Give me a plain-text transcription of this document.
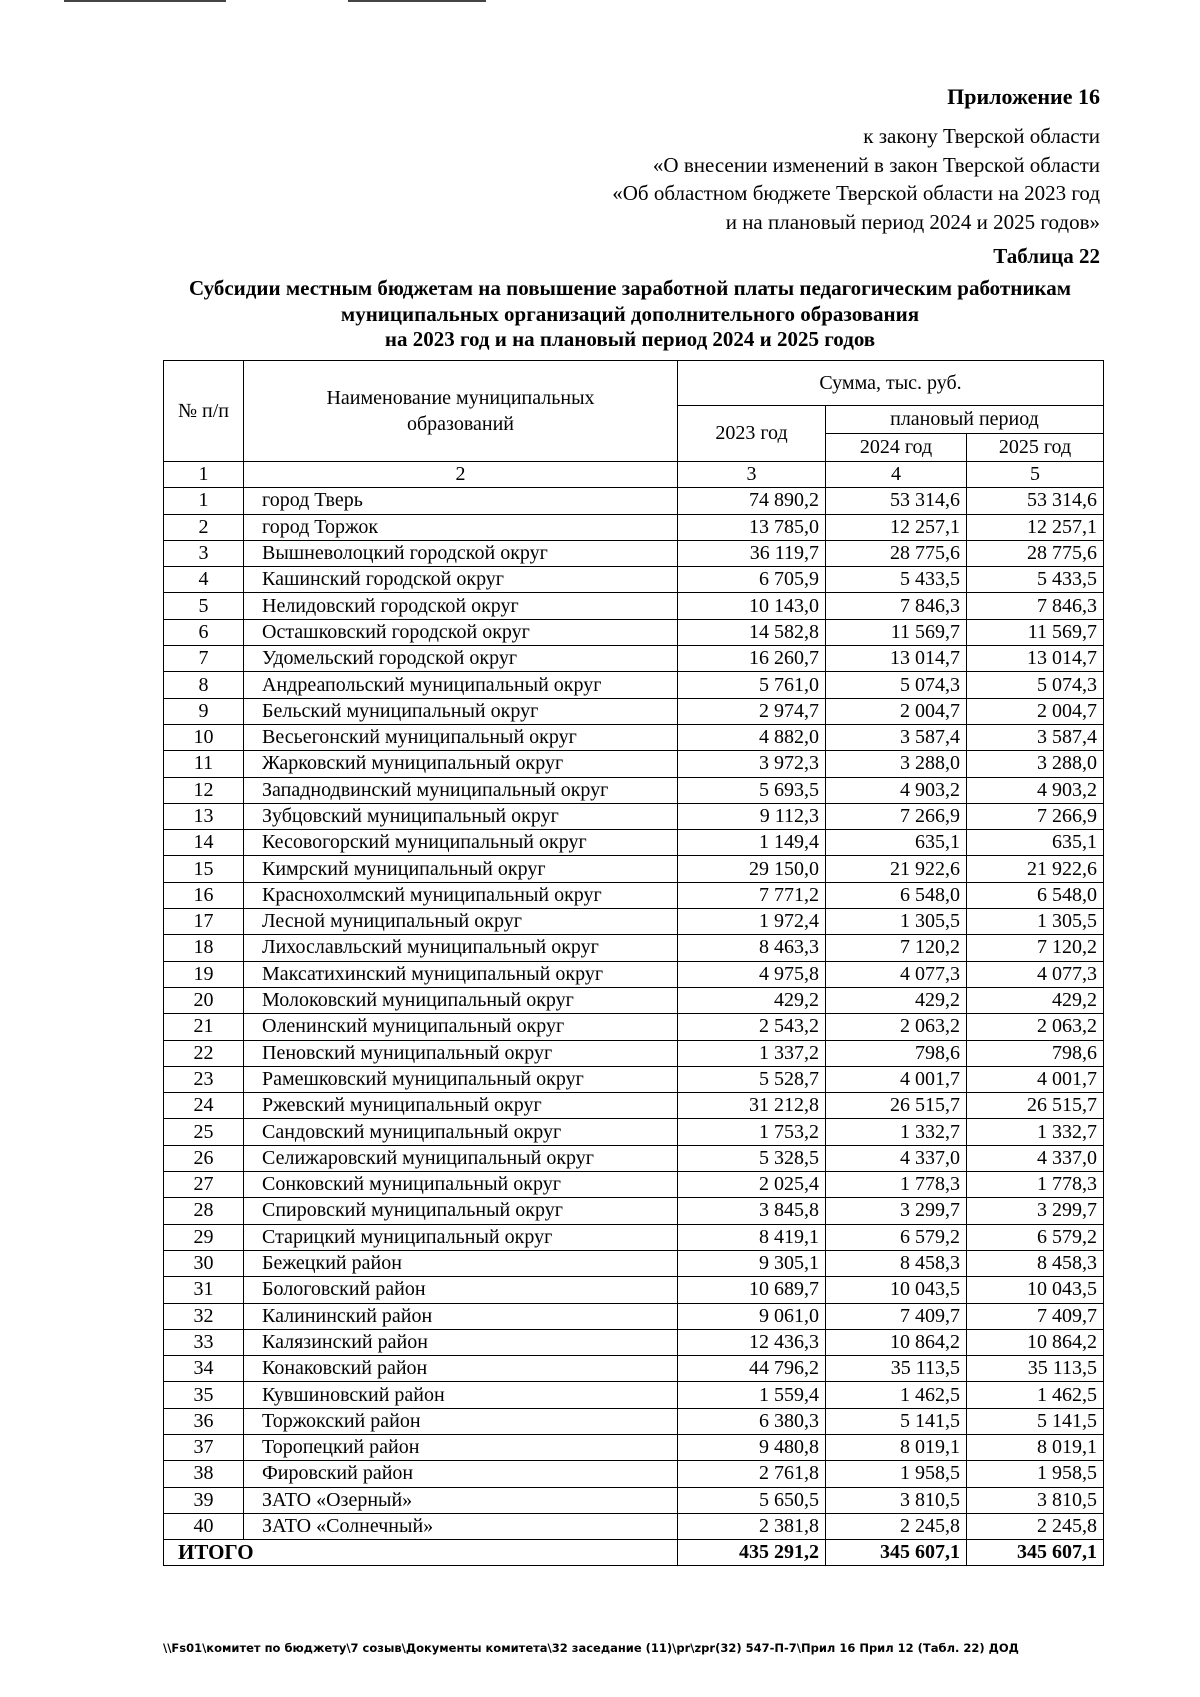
Приложение 16
к закону Тверской области
«О внесении изменений в закон Тверской области
«Об областном бюджете Тверской области на 2023 год
и на плановый период 2024 и 2025 годов»
Таблица 22
Субсидии местным бюджетам на повышение заработной платы педагогическим работникам
муниципальных организаций дополнительного образования
на 2023 год и на плановый период 2024 и 2025 годов
№ п/п	Наименование муниципальных образований	Сумма, тыс. руб.		
		2023 год	плановый период	
			2024 год	2025 год
1	2	3	4	5
1	город Тверь	74 890,2	53 314,6	53 314,6
2	город Торжок	13 785,0	12 257,1	12 257,1
3	Вышневолоцкий городской округ	36 119,7	28 775,6	28 775,6
4	Кашинский городской округ	6 705,9	5 433,5	5 433,5
5	Нелидовский городской округ	10 143,0	7 846,3	7 846,3
6	Осташковский городской округ	14 582,8	11 569,7	11 569,7
7	Удомельский городской округ	16 260,7	13 014,7	13 014,7
8	Андреапольский муниципальный округ	5 761,0	5 074,3	5 074,3
9	Бельский муниципальный округ	2 974,7	2 004,7	2 004,7
10	Весьегонский муниципальный округ	4 882,0	3 587,4	3 587,4
11	Жарковский муниципальный округ	3 972,3	3 288,0	3 288,0
12	Западнодвинский муниципальный округ	5 693,5	4 903,2	4 903,2
13	Зубцовский муниципальный округ	9 112,3	7 266,9	7 266,9
14	Кесовогорский муниципальный округ	1 149,4	635,1	635,1
15	Кимрский муниципальный округ	29 150,0	21 922,6	21 922,6
16	Краснохолмский муниципальный округ	7 771,2	6 548,0	6 548,0
17	Лесной муниципальный округ	1 972,4	1 305,5	1 305,5
18	Лихославльский муниципальный округ	8 463,3	7 120,2	7 120,2
19	Максатихинский муниципальный округ	4 975,8	4 077,3	4 077,3
20	Молоковский муниципальный округ	429,2	429,2	429,2
21	Оленинский муниципальный округ	2 543,2	2 063,2	2 063,2
22	Пеновский муниципальный округ	1 337,2	798,6	798,6
23	Рамешковский муниципальный округ	5 528,7	4 001,7	4 001,7
24	Ржевский муниципальный округ	31 212,8	26 515,7	26 515,7
25	Сандовский муниципальный округ	1 753,2	1 332,7	1 332,7
26	Селижаровский муниципальный округ	5 328,5	4 337,0	4 337,0
27	Сонковский муниципальный округ	2 025,4	1 778,3	1 778,3
28	Спировский муниципальный округ	3 845,8	3 299,7	3 299,7
29	Старицкий муниципальный округ	8 419,1	6 579,2	6 579,2
30	Бежецкий район	9 305,1	8 458,3	8 458,3
31	Бологовский район	10 689,7	10 043,5	10 043,5
32	Калининский район	9 061,0	7 409,7	7 409,7
33	Калязинский район	12 436,3	10 864,2	10 864,2
34	Конаковский район	44 796,2	35 113,5	35 113,5
35	Кувшиновский район	1 559,4	1 462,5	1 462,5
36	Торжокский район	6 380,3	5 141,5	5 141,5
37	Торопецкий район	9 480,8	8 019,1	8 019,1
38	Фировский район	2 761,8	1 958,5	1 958,5
39	ЗАТО «Озерный»	5 650,5	3 810,5	3 810,5
40	ЗАТО «Солнечный»	2 381,8	2 245,8	2 245,8
ИТОГО		435 291,2	345 607,1	345 607,1
\\Fs01\комитет по бюджету\7 созыв\Документы комитета\32 заседание (11)\pr\zpr(32) 547-П-7\Прил 16 Прил 12 (Табл. 22) ДОД
